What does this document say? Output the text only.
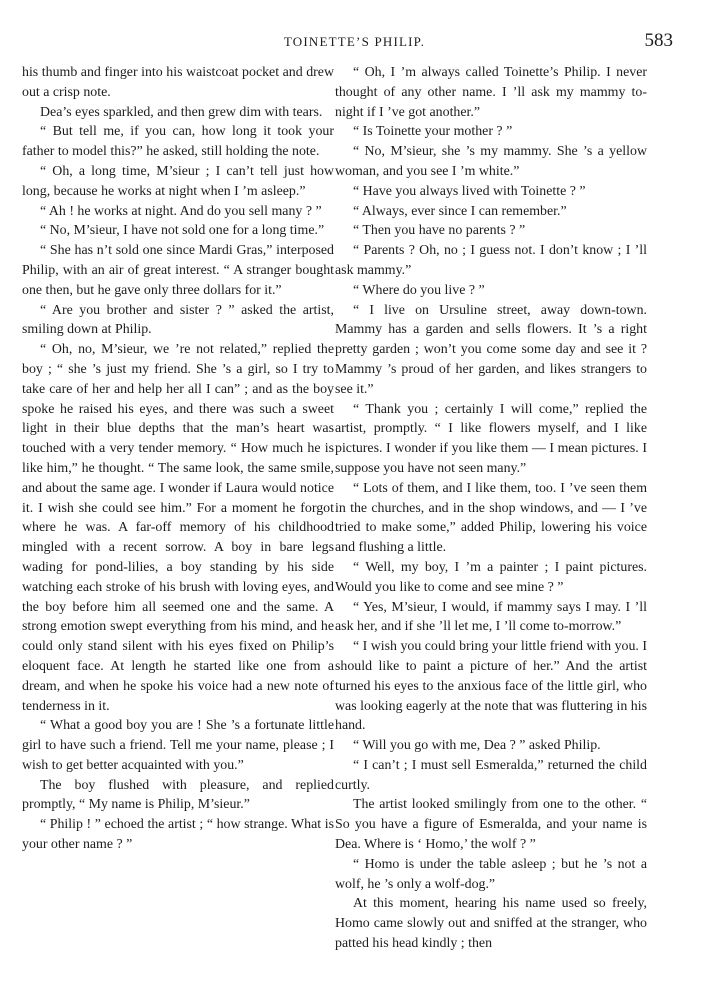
TOINETTE’S PHILIP.	583

his thumb and finger into his waistcoat pocket and drew out a crisp note.

Dea’s eyes sparkled, and then grew dim with tears.

“ But tell me, if you can, how long it took your father to model this?” he asked, still holding the note.

“ Oh, a long time, M’sieur ; I can’t tell just how long, because he works at night when I ’m asleep.”

“ Ah ! he works at night. And do you sell many ? ”

“ No, M’sieur, I have not sold one for a long time.”

“ She has n’t sold one since Mardi Gras,” interposed Philip, with an air of great interest. “ A stranger bought one then, but he gave only three dollars for it.”

“ Are you brother and sister ? ” asked the artist, smiling down at Philip.

“ Oh, no, M’sieur, we ’re not related,” replied the boy ; “ she ’s just my friend. She ’s a girl, so I try to take care of her and help her all I can” ; and as the boy spoke he raised his eyes, and there was such a sweet light in their blue depths that the man’s heart was touched with a very tender memory. “ How much he is like him,” he thought. “ The same look, the same smile, and about the same age. I wonder if Laura would notice it. I wish she could see him.” For a moment he forgot where he was. A far-off memory of his childhood mingled with a recent sorrow. A boy in bare legs wading for pond-lilies, a boy standing by his side watching each stroke of his brush with loving eyes, and the boy before him all seemed one and the same. A strong emotion swept everything from his mind, and he could only stand silent with his eyes fixed on Philip’s eloquent face. At length he started like one from a dream, and when he spoke his voice had a new note of tenderness in it.

“ What a good boy you are ! She ’s a fortunate little girl to have such a friend. Tell me your name, please ; I wish to get better acquainted with you.”

The boy flushed with pleasure, and replied promptly, “ My name is Philip, M’sieur.”

“ Philip ! ” echoed the artist ; “ how strange. What is your other name ? ”

“ Oh, I ’m always called Toinette’s Philip. I never thought of any other name. I ’ll ask my mammy to-night if I ’ve got another.”

“ Is Toinette your mother ? ”

“ No, M’sieur, she ’s my mammy. She ’s a yellow woman, and you see I ’m white.”

“ Have you always lived with Toinette ? ”

“ Always, ever since I can remember.”

“ Then you have no parents ? ”

“ Parents ? Oh, no ; I guess not. I don’t know ; I ’ll ask mammy.”

“ Where do you live ? ”

“ I live on Ursuline street, away down-town. Mammy has a garden and sells flowers. It ’s a right pretty garden ; won’t you come some day and see it ? Mammy ’s proud of her garden, and likes strangers to see it.”

“ Thank you ; certainly I will come,” replied the artist, promptly. “ I like flowers myself, and I like pictures. I wonder if you like them — I mean pictures. I suppose you have not seen many.”

“ Lots of them, and I like them, too. I ’ve seen them in the churches, and in the shop windows, and — I ’ve tried to make some,” added Philip, lowering his voice and flushing a little.

“ Well, my boy, I ’m a painter ; I paint pictures. Would you like to come and see mine ? ”

“ Yes, M’sieur, I would, if mammy says I may. I ’ll ask her, and if she ’ll let me, I ’ll come to-morrow.”

“ I wish you could bring your little friend with you. I should like to paint a picture of her.” And the artist turned his eyes to the anxious face of the little girl, who was looking eagerly at the note that was fluttering in his hand.

“ Will you go with me, Dea ? ” asked Philip.

“ I can’t ; I must sell Esmeralda,” returned the child curtly.

The artist looked smilingly from one to the other. “ So you have a figure of Esmeralda, and your name is Dea. Where is ‘ Homo,’ the wolf ? ”

“ Homo is under the table asleep ; but he ’s not a wolf, he ’s only a wolf-dog.”

At this moment, hearing his name used so freely, Homo came slowly out and sniffed at the stranger, who patted his head kindly ; then
